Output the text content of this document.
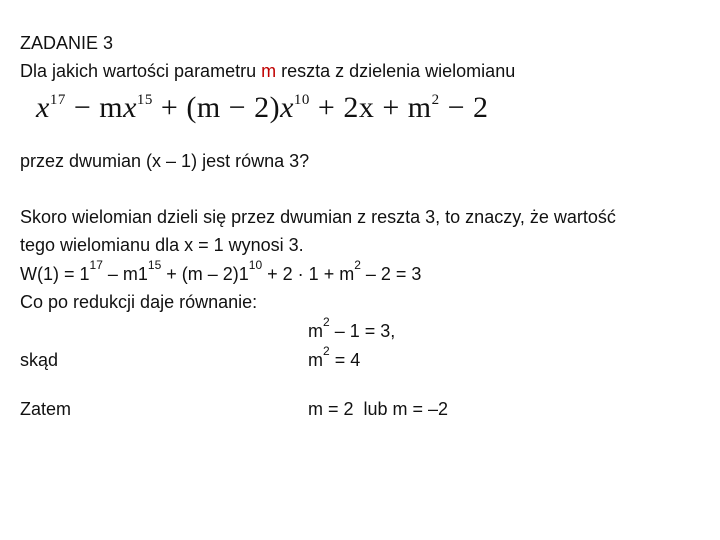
ZADANIE 3
Dla jakich wartości parametru m reszta z dzielenia wielomianu
$x^{17} - mx^{15} + (m - 2)x^{10} + 2x + m^2 - 2$
przez dwumian (x – 1) jest równa 3?
Skoro wielomian dzieli się przez dwumian z reszta 3, to znaczy, że wartość
tego wielomianu dla x = 1 wynosi 3.
$W(1) = 1^{17} - m1^{15} + (m - 2)1^{10} + 2 \cdot 1 + m^2 - 2 = 3$
Co po redukcji daje równanie:
$m^2 - 1 = 3$,
skąd	$m^2 = 4$
Zatem	m = 2  lub m = –2
